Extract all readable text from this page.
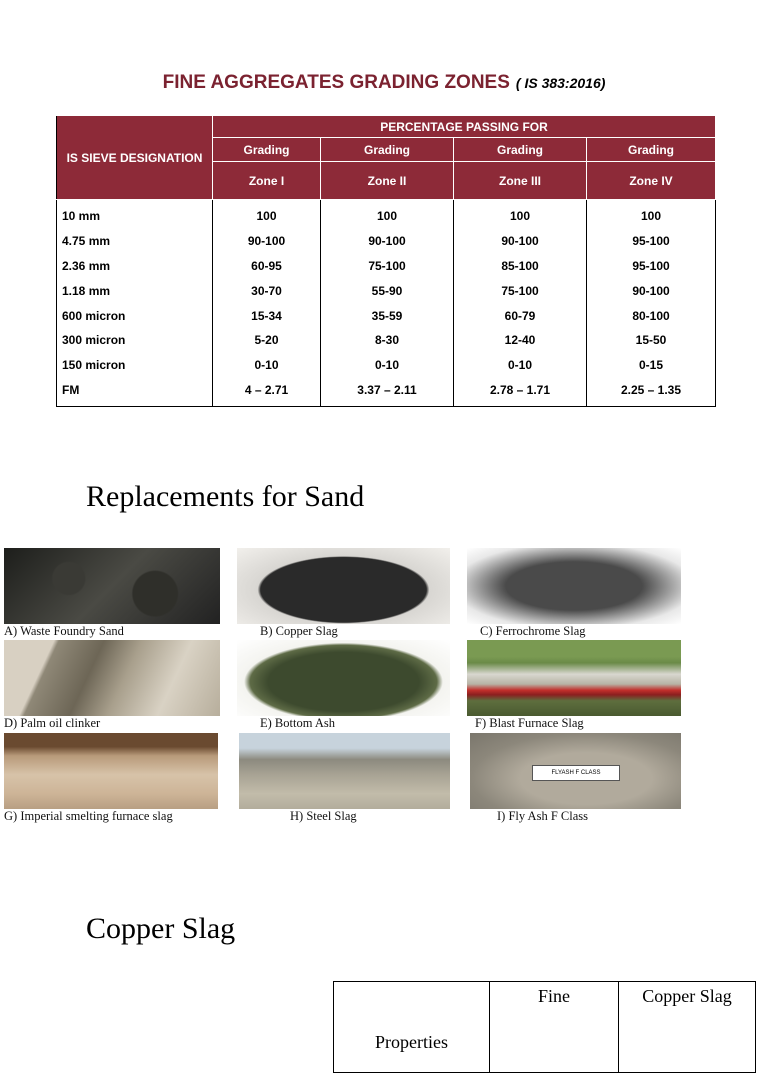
FINE AGGREGATES GRADING ZONES ( IS 383:2016)
IS SIEVE DESIGNATION	PERCENTAGE PASSING FOR			
	Grading	Grading	Grading	Grading
	Zone I	Zone II	Zone III	Zone IV
10 mm	100	100	100	100
4.75 mm	90-100	90-100	90-100	95-100
2.36 mm	60-95	75-100	85-100	95-100
1.18 mm	30-70	55-90	75-100	90-100
600 micron	15-34	35-59	60-79	80-100
300 micron	5-20	8-30	12-40	15-50
150 micron	0-10	0-10	0-10	0-15
FM	4 – 2.71	3.37 – 2.11	2.78 – 1.71	2.25 – 1.35
Replacements for Sand
A) Waste Foundry Sand	B) Copper Slag	C) Ferrochrome Slag
D) Palm oil clinker	E) Bottom Ash	F) Blast Furnace Slag
FLYASH F CLASS
G) Imperial smelting furnace slag	H) Steel Slag	I) Fly Ash F Class
Copper Slag
Properties	Fine	Copper Slag
